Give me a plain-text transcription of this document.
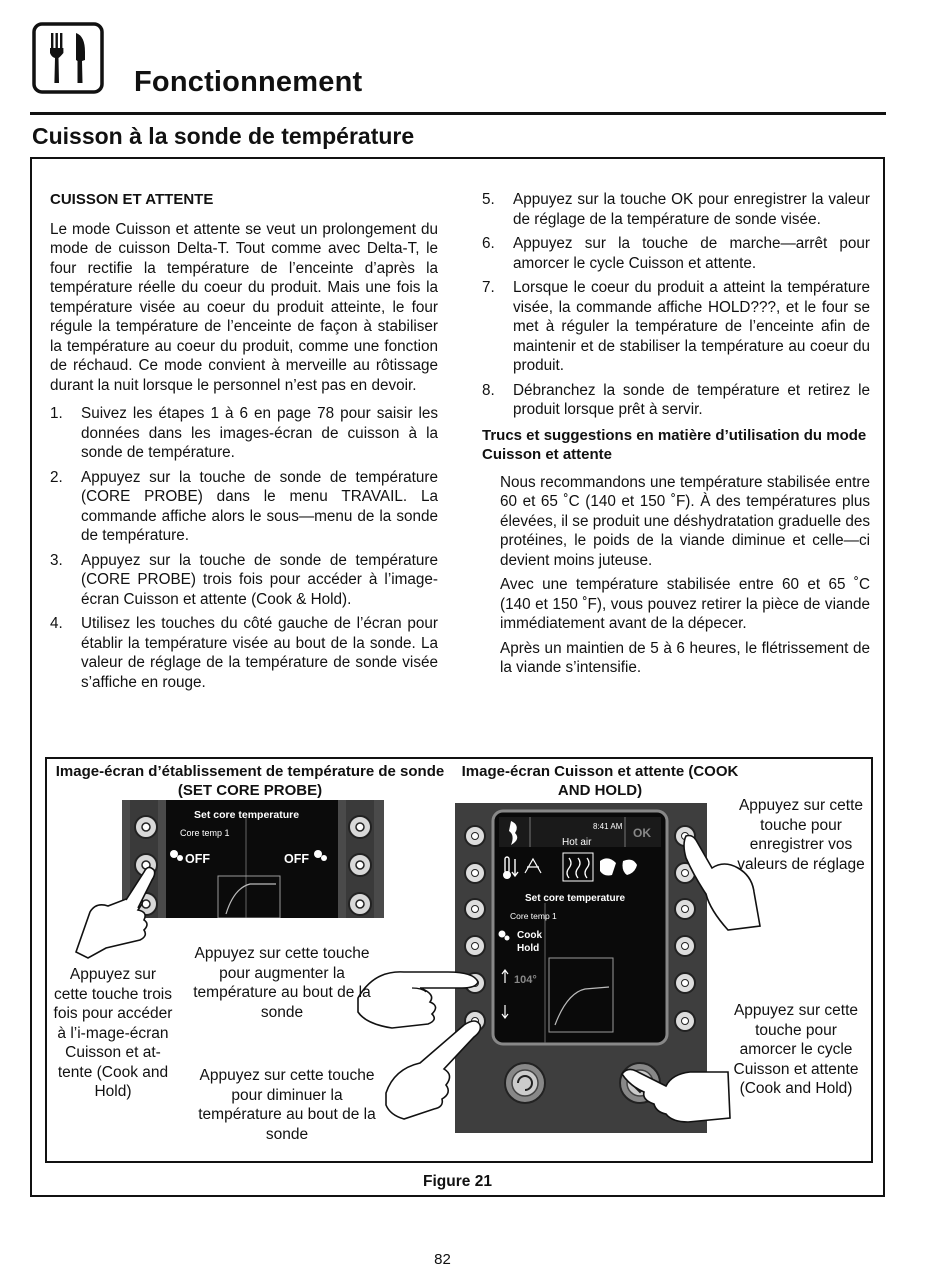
Fonctionnement
Cuisson à la sonde de température
CUISSON ET ATTENTE
Le mode Cuisson et attente se veut un prolongement du mode de cuisson Delta-T. Tout comme avec Delta-T, le four rectifie la température de l’enceinte d’après la température réelle du coeur du produit. Mais une fois la température visée au coeur du produit atteinte, le four régule la température de l’enceinte de façon à stabiliser la température au coeur du produit, comme une fonction de réchaud. Ce mode convient à merveille au rôtissage durant la nuit lorsque le personnel n’est pas en devoir.
1. Suivez les étapes 1 à 6 en page 78 pour saisir les données dans les images-écran de cuisson à la sonde de température.
2. Appuyez sur la touche de sonde de température (CORE PROBE) dans le menu TRAVAIL. La commande affiche alors le sous—menu de la sonde de température.
3. Appuyez sur la touche de sonde de température (CORE PROBE) trois fois pour accéder à l’image-écran Cuisson et attente (Cook & Hold).
4. Utilisez les touches du côté gauche de l’écran pour établir la température visée au bout de la sonde. La valeur de réglage de la température de sonde visée s’affiche en rouge.
5. Appuyez sur la touche OK pour enregistrer la valeur de réglage de la température de sonde visée.
6. Appuyez sur la touche de marche—arrêt pour amorcer le cycle Cuisson et attente.
7. Lorsque le coeur du produit a atteint la température visée, la commande affiche HOLD???, et le four se met à réguler la température de l’enceinte afin de maintenir et de stabiliser la température au coeur du produit.
8. Débranchez la sonde de température et retirez le produit lorsque prêt à servir.
Trucs et suggestions en matière d’utilisation du mode Cuisson et attente
Nous recommandons une température stabilisée entre 60 et 65 ˚C (140 et 150 ˚F). À des températures plus élevées, il se produit une déshydratation graduelle des protéines, le poids de la viande diminue et celle—ci devient moins juteuse.
Avec une température stabilisée entre 60 et 65 ˚C (140 et 150 ˚F), vous pouvez retirer la pièce de viande immédiatement avant de la dépecer.
Après un maintien de 5 à 6 heures, le flétrissement de la viande s’intensifie.
Image-écran d’établissement de température de sonde (SET CORE PROBE)
Image-écran Cuisson et attente (COOK AND HOLD)
Set core temperature
Core temp 1
OFF	OFF
8:41 AM OK
Hot air
Set core temperature
Core temp 1
Cook
Hold
104°
Appuyez sur cette touche trois fois pour accéder à l’i-mage-écran Cuisson et at-tente (Cook and Hold)
Appuyez sur cette touche pour augmenter la température au bout de la sonde
Appuyez sur cette touche pour diminuer la température au bout de la sonde
Appuyez sur cette touche pour enregistrer vos valeurs de réglage
Appuyez sur cette touche pour amorcer le cycle Cuisson et attente (Cook and Hold)
Figure 21
82
